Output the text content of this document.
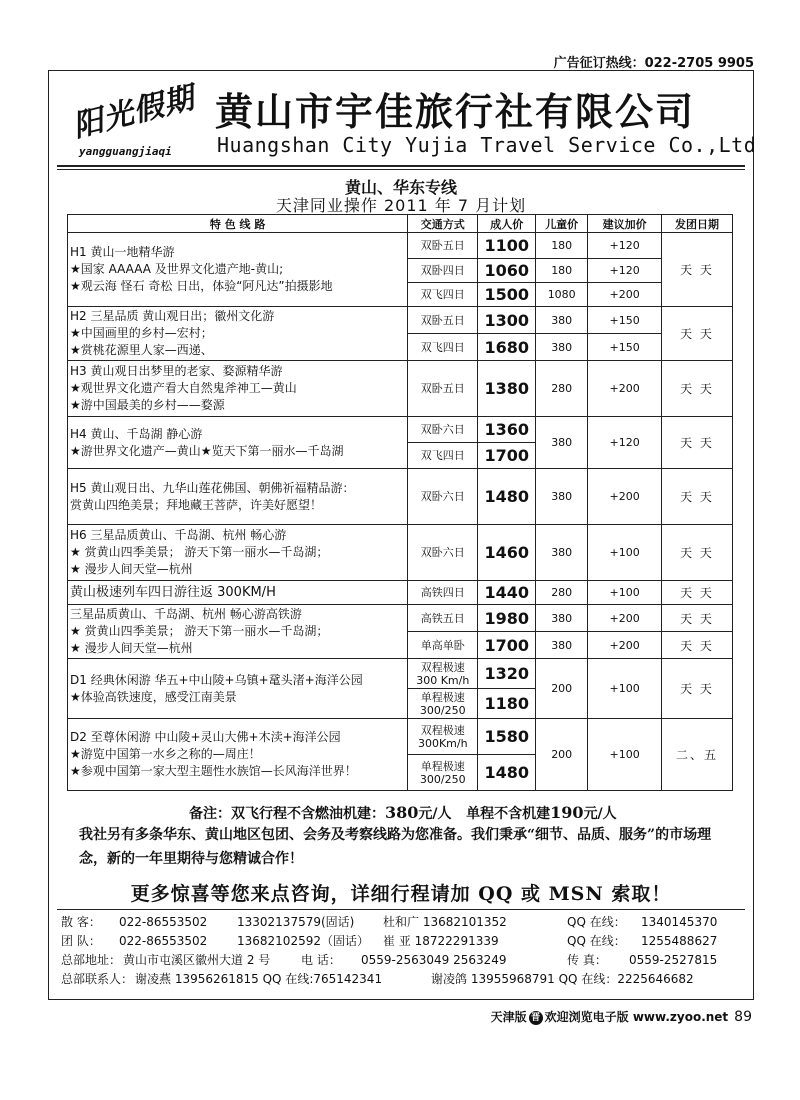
广告征订热线：022-2705 9905
阳光假期
yangguangjiaqi
黄山市宇佳旅行社有限公司
Huangshan City Yujia Travel Service Co.,Ltd
黄山、华东专线
天津同业操作 2011 年 7 月计划
特 色 线 路	交通方式	成人价	儿童价	建议加价	发团日期

H1 黄山一地精华游
★国家 AAAAA 及世界文化遗产地-黄山;
★观云海 怪石 奇松 日出，体验“阿凡达”拍摄影地	双卧五日	1100	180	+120	天 天
	双卧四日	1060	180	+120	
	双飞四日	1500	1080	+200	

H2 三星品质 黄山观日出；徽州文化游
★中国画里的乡村—宏村；
★赏桃花源里人家—西递、	双卧五日	1300	380	+150	天 天
	双飞四日	1680	380	+150	

H3 黄山观日出梦里的老家、婺源精华游
★观世界文化遗产看大自然鬼斧神工—黄山
★游中国最美的乡村——婺源	双卧五日	1380	280	+200	天 天

H4 黄山、千岛湖 静心游
★游世界文化遗产—黄山★览天下第一丽水—千岛湖	双卧六日	1360	380	+120	天 天
	双飞四日	1700			

H5 黄山观日出、九华山莲花佛国、朝佛祈福精品游：
赏黄山四绝美景；拜地藏王菩萨，许美好愿望！	双卧六日	1480	380	+200	天 天

H6 三星品质黄山、千岛湖、杭州 畅心游
★ 赏黄山四季美景； 游天下第一丽水—千岛湖；
★ 漫步人间天堂—杭州	双卧六日	1460	380	+100	天 天

黄山极速列车四日游往返 300KM/H	高铁四日	1440	280	+100	天 天

三星品质黄山、千岛湖、杭州 畅心游高铁游
★ 赏黄山四季美景； 游天下第一丽水—千岛湖；
★ 漫步人间天堂—杭州	高铁五日	1980	380	+200	天 天
	单高单卧	1700	380	+200	天 天

D1 经典休闲游 华五+中山陵+乌镇+鼋头渚+海洋公园
★体验高铁速度，感受江南美景	双程极速 300 Km/h	1320	200	+100	天 天
	单程极速 300/250	1180			

D2 至尊休闲游 中山陵+灵山大佛+木渎+海洋公园
★游览中国第一水乡之称的—周庄！
★参观中国第一家大型主题性水族馆—长风海洋世界！	双程极速 300Km/h	1580	200	+100	二、五
	单程极速 300/250	1480			
备注：双飞行程不含燃油机建：380元/人 单程不含机建190元/人
我社另有多条华东、黄山地区包团、会务及考察线路为您准备。我们秉承“细节、品质、服务”的市场理念，新的一年里期待与您精诚合作！
更多惊喜等您来点咨询，详细行程请加 QQ 或 MSN 索取！
散 客： 022-86553502 13302137579(固话) 杜和广 13682101352	QQ 在线： 1340145370
团 队： 022-86553502 13682102592（固话） 崔 亚 18722291339	QQ 在线： 1255488627
总部地址： 黄山市屯溪区徽州大道 2 号	电 话： 0559-2563049 2563249	传 真： 0559-2527815
总部联系人： 谢凌燕 13956261815 QQ 在线:765142341	谢凌鸽 13955968791 QQ 在线：2225646682
天津版 晋 欢迎浏览电子版 www.zyoo.net 89
